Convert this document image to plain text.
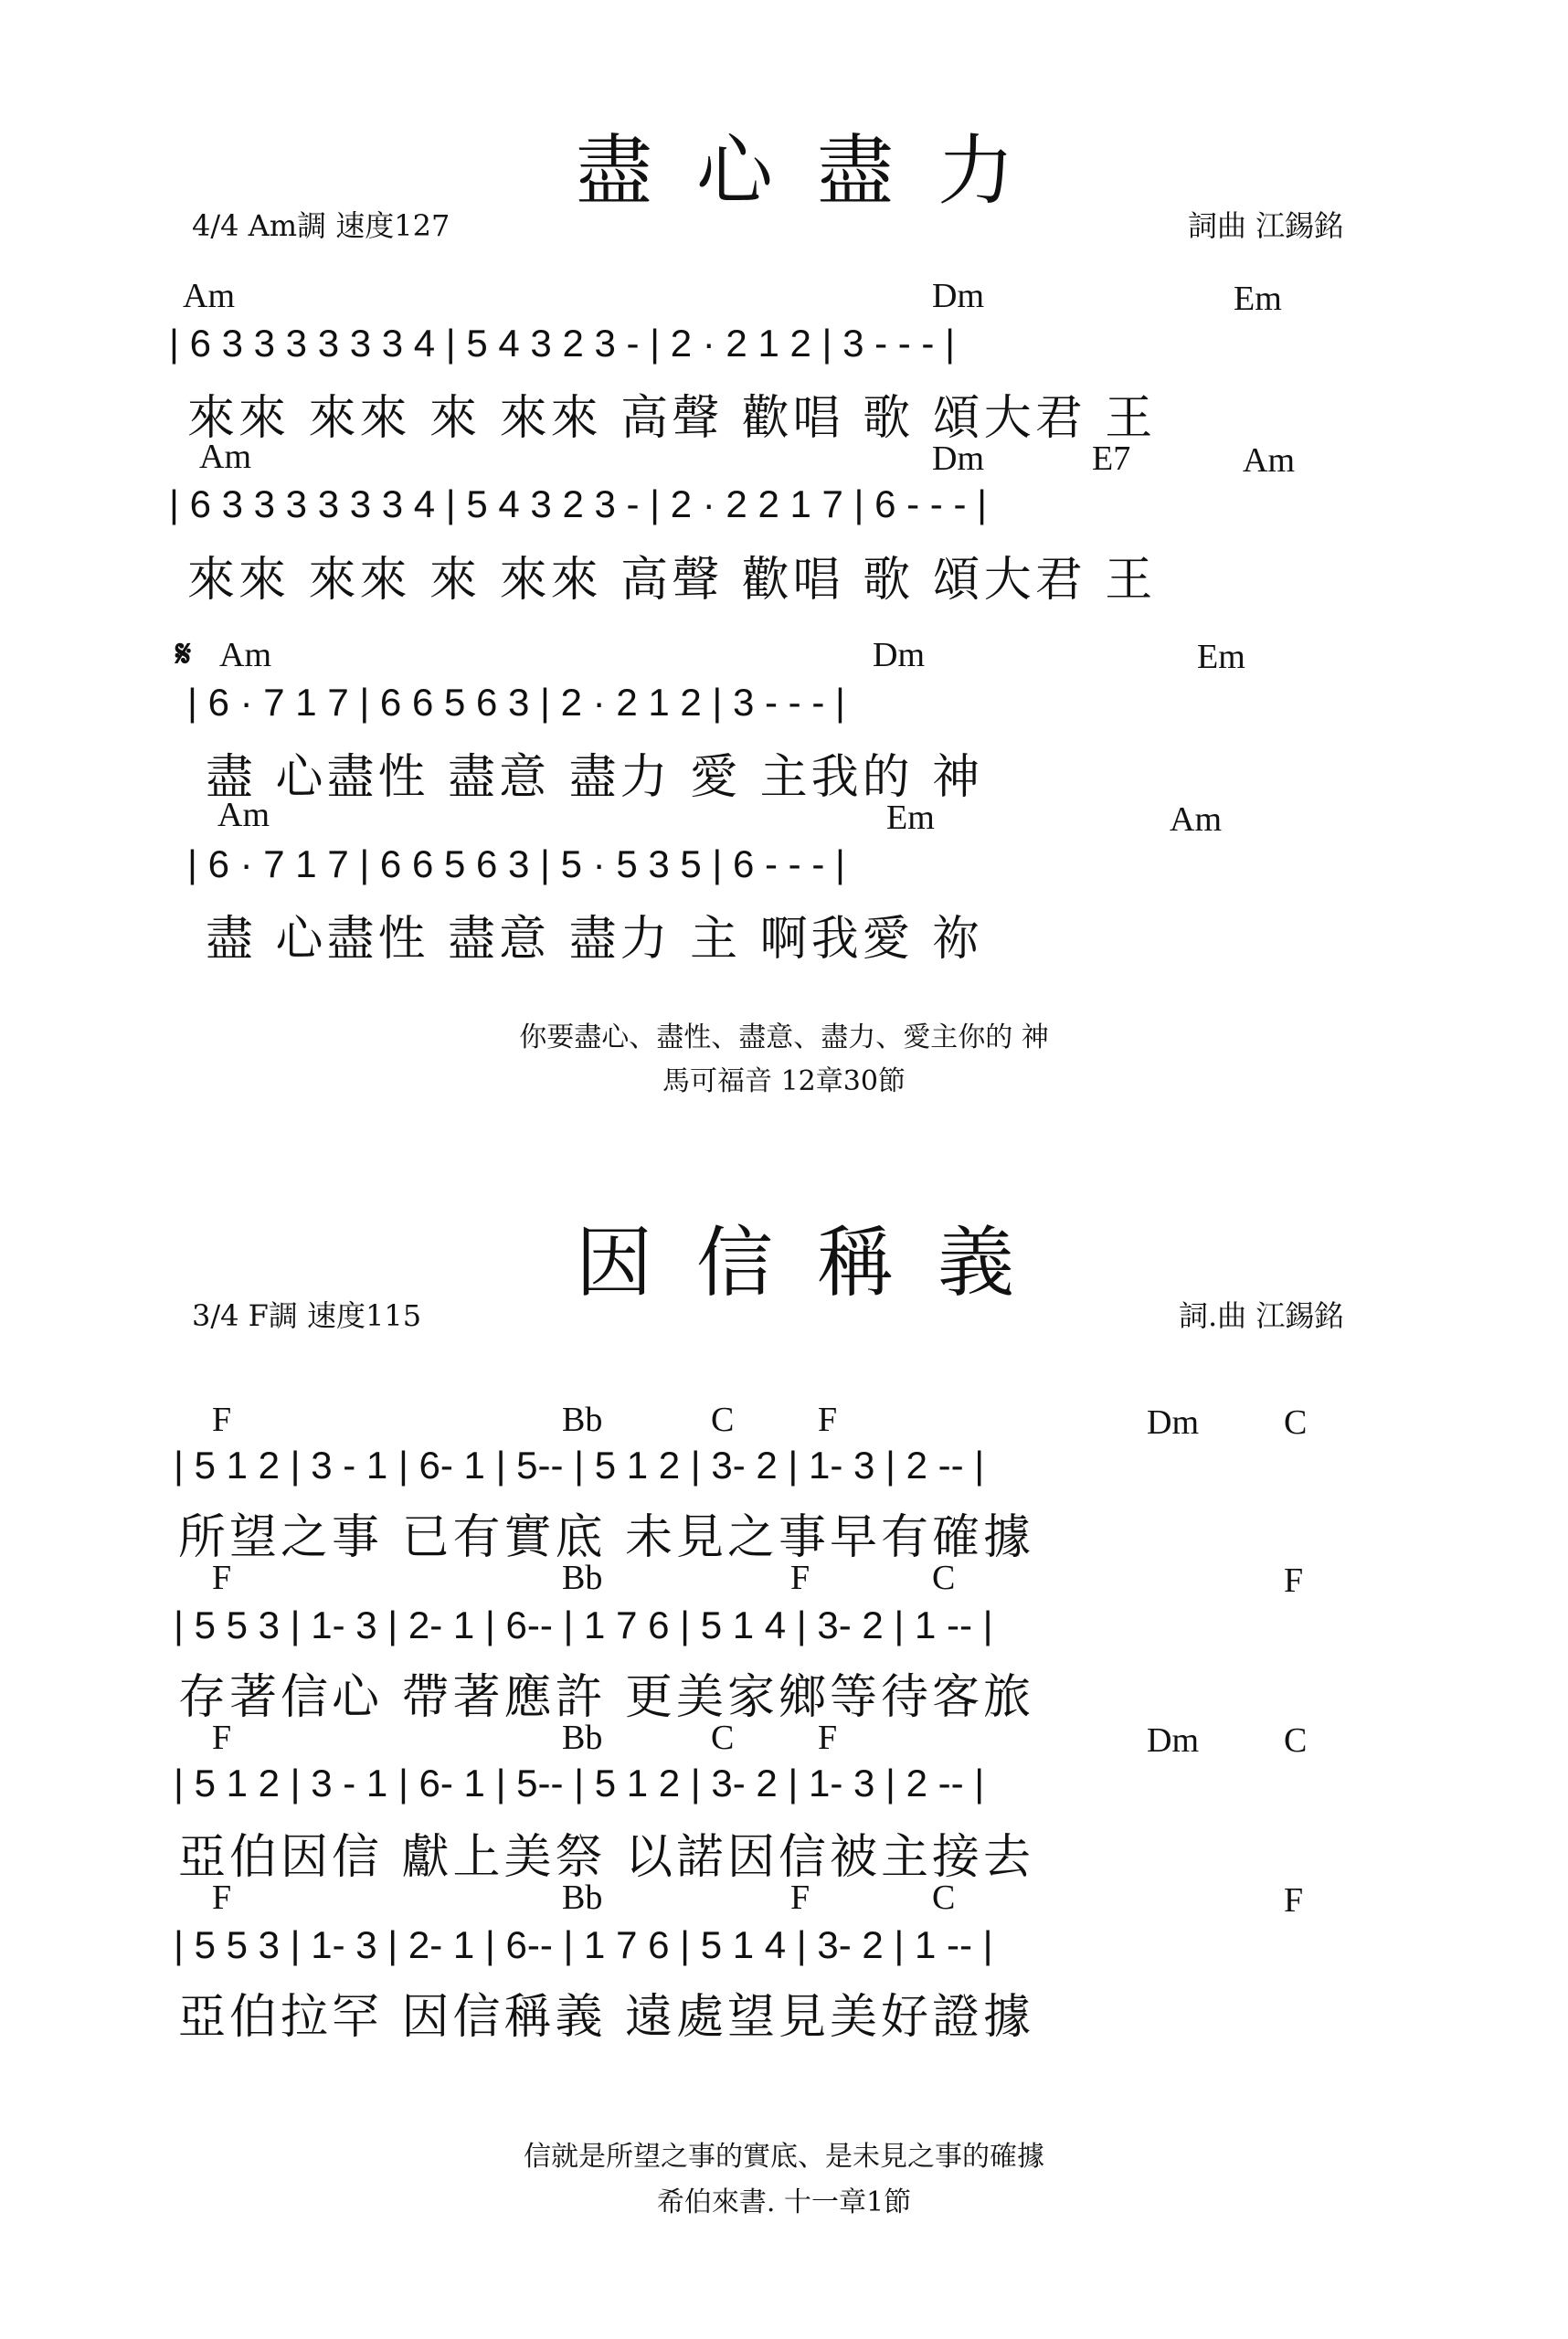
盡心盡力
4/4 Am調 速度127	詞曲 江錫銘
Am	Dm	Em
| 6 3 3 3 3 3 3 4 | 5 4 3 2 3 - | 2 · 2 1 2 | 3 - - - |
來來 來來 來 來來 高聲 歡唱 歌 頌大君 王
Am	Dm	E7	Am
| 6 3 3 3 3 3 3 4 | 5 4 3 2 3 - | 2 · 2 2 1 7 | 6 - - - |
來來 來來 來 來來 高聲 歡唱 歌 頌大君 王
𝄋 Am	Dm	Em
| 6 · 7 1 7 | 6 6 5 6 3 | 2 · 2 1 2 | 3 - - - |
盡 心盡性 盡意 盡力 愛 主我的 神
Am	Em	Am
| 6 · 7 1 7 | 6 6 5 6 3 | 5 · 5 3 5 | 6 - - - |
盡 心盡性 盡意 盡力 主 啊我愛 祢
你要盡心、盡性、盡意、盡力、愛主你的 神
馬可福音 12章30節
因信稱義
3/4 F調 速度115	詞.曲 江錫銘
F	Bb	C F	Dm C
| 5 1 2 | 3 - 1 | 6- 1 | 5-- | 5 1 2 | 3- 2 | 1- 3 | 2 -- |
所望之事 已有實底 未見之事早有確據
F	Bb	F	C	F
| 5 5 3 | 1- 3 | 2- 1 | 6-- | 1 7 6 | 5 1 4 | 3- 2 | 1 -- |
存著信心 帶著應許 更美家鄉等待客旅
F	Bb	C F	Dm C
| 5 1 2 | 3 - 1 | 6- 1 | 5-- | 5 1 2 | 3- 2 | 1- 3 | 2 -- |
亞伯因信 獻上美祭 以諾因信被主接去
F	Bb	F	C	F
| 5 5 3 | 1- 3 | 2- 1 | 6-- | 1 7 6 | 5 1 4 | 3- 2 | 1 -- |
亞伯拉罕 因信稱義 遠處望見美好證據
信就是所望之事的實底、是未見之事的確據
希伯來書. 十一章1節
